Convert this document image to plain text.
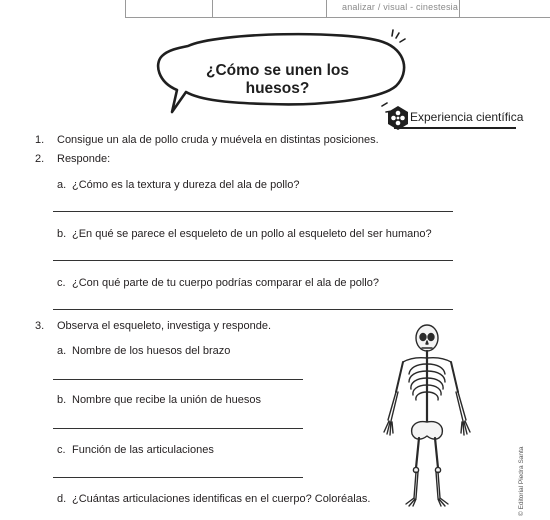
analizar / visual - cinestesia
¿Cómo se unen los huesos?
Experiencia científica
1. Consigue un ala de pollo cruda y muévela en distintas posiciones.
2. Responde:
a. ¿Cómo es la textura y dureza del ala de pollo?
b. ¿En qué se parece el esqueleto de un pollo al esqueleto del ser humano?
c. ¿Con qué parte de tu cuerpo podrías comparar el ala de pollo?
3. Observa el esqueleto, investiga y responde.
a. Nombre de los huesos del brazo
b. Nombre que recibe la unión de huesos
c. Función de las articulaciones
d. ¿Cuántas articulaciones identificas en el cuerpo? Coloréalas.	© Editorial Piedra Santa
